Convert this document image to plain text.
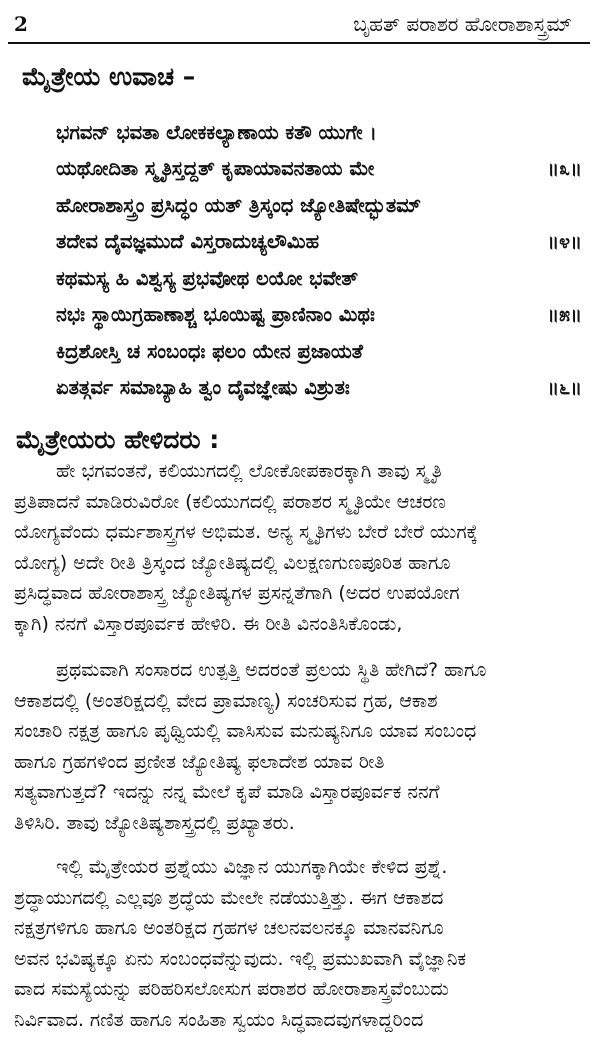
2	ಬೃಹತ್ ಪರಾಶರ ಹೋರಾಶಾಸ್ತ್ರಮ್
ಮೈತ್ರೇಯ ಉವಾಚ –
ಭಗವನ್ ಭವತಾ ಲೋಕಕಲ್ಯಾಣಾಯ ಕತೌ ಯುಗೇ ।
ಯಥೋದಿತಾ ಸ್ಮೃತಿಸ್ತದ್ದತ್ ಕೃಪಾಯಾವನತಾಯ ಮೇ	॥೩॥
ಹೋರಾಶಾಸ್ತ್ರಂ ಪ್ರಸಿದ್ಧಂ ಯತ್ ತ್ರಿಸ್ಕಂಧ ಜ್ಯೋತಿಷೇದ್ಭುತಮ್
ತದೇವ ದೈವಜ್ಞಮುದೆ ವಿಸ್ತರಾದುಚ್ಯಲೌಮಿಹ	॥೪॥
ಕಥಮಸ್ಯ ಹಿ ವಿಶ್ವಸ್ಯ ಪ್ರಭವೋಥ ಲಯೋ ಭವೇತ್
ನಭಃ ಸ್ಥಾಯಿಗ್ರಹಾಣಾಶ್ಚ ಭೂಯಿಷ್ಟ ಪ್ರಾಣಿನಾಂ ಮಿಥಃ	॥೫॥
ಕಿದ್ರಶೋಸ್ತಿ ಚ ಸಂಬಂಧಃ ಫಲಂ ಯೇನ ಪ್ರಜಾಯತೆ
ಏತತ್ಗರ್ವ ಸಮಾಬ್ಯಾಹಿ ತ್ವಂ ದೈವಜ್ಞೇಷು ವಿಶ್ರುತಃ	॥೬॥
ಮೈತ್ರೇಯರು ಹೇಳಿದರು :
ಹೇ ಭಗವಂತನೆ, ಕಲಿಯುಗದಲ್ಲಿ ಲೋಕೋಪಕಾರಕ್ಕಾಗಿ ತಾವು ಸ್ಮೃತಿ
ಪ್ರತಿಪಾದನೆ ಮಾಡಿರುವಿರೋ (ಕಲಿಯುಗದಲ್ಲಿ ಪರಾಶರ ಸ್ಮೃತಿಯೇ ಆಚರಣ
ಯೋಗ್ಯವೆಂದು ಧರ್ಮಶಾಸ್ತ್ರಗಳ ಅಭಿಮತ. ಅನ್ಯ ಸ್ಮೃತಿಗಳು ಬೇರೆ ಬೇರೆ ಯುಗಕ್ಕೆ
ಯೋಗ್ಯ) ಅದೇ ರೀತಿ ತ್ರಿಸ್ಕಂದ ಜ್ಯೋತಿಷ್ಯದಲ್ಲಿ ವಿಲಕ್ಷಣಗುಣಪೂರಿತ ಹಾಗೂ
ಪ್ರಸಿದ್ಧವಾದ ಹೋರಾಶಾಸ್ತ್ರ ಜ್ಯೋತಿಷ್ಯಗಳ ಪ್ರಸನ್ನತೆಗಾಗಿ (ಅದರ ಉಪಯೋಗ
ಕ್ಕಾಗಿ) ನನಗೆ ವಿಸ್ತಾರಪೂರ್ವಕ ಹೇಳಿರಿ. ಈ ರೀತಿ ವಿನಂತಿಸಿಕೊಂಡು,
ಪ್ರಥಮವಾಗಿ ಸಂಸಾರದ ಉತ್ಪತ್ತಿ ಅದರಂತೆ ಪ್ರಲಯ ಸ್ಥಿತಿ ಹೇಗಿದೆ? ಹಾಗೂ
ಆಕಾಶದಲ್ಲಿ (ಅಂತರಿಕ್ಷದಲ್ಲಿ ವೇದ ಪ್ರಾಮಾಣ್ಯ) ಸಂಚರಿಸುವ ಗ್ರಹ, ಆಕಾಶ
ಸಂಚಾರಿ ನಕ್ಷತ್ರ ಹಾಗೂ ಪೃಥ್ವಿಯಲ್ಲಿ ವಾಸಿಸುವ ಮನುಷ್ಯನಿಗೂ ಯಾವ ಸಂಬಂಧ
ಹಾಗೂ ಗ್ರಹಗಳಿಂದ ಪ್ರಣೀತ ಜ್ಯೋತಿಷ್ಯ ಫಲಾದೇಶ ಯಾವ ರೀತಿ
ಸತ್ಯವಾಗುತ್ತದೆ? ಇದನ್ನು ನನ್ನ ಮೇಲೆ ಕೃಪೆ ಮಾಡಿ ವಿಸ್ತಾರಪೂರ್ವಕ ನನಗೆ
ತಿಳಿಸಿರಿ. ತಾವು ಜ್ಯೋತಿಷ್ಯಶಾಸ್ತ್ರದಲ್ಲಿ ಪ್ರಖ್ಯಾತರು.
ಇಲ್ಲಿ ಮೈತ್ರೇಯರ ಪ್ರಶ್ನೆಯು ವಿಜ್ಞಾನ ಯುಗಕ್ಕಾಗಿಯೇ ಕೇಳಿದ ಪ್ರಶ್ನೆ.
ಶ್ರದ್ಧಾಯುಗದಲ್ಲಿ ಎಲ್ಲವೂ ಶ್ರದ್ಧೆಯ ಮೇಲೇ ನಡೆಯುತ್ತಿತ್ತು. ಈಗ ಆಕಾಶದ
ನಕ್ಷತ್ರಗಳಿಗೂ ಹಾಗೂ ಅಂತರಿಕ್ಷದ ಗ್ರಹಗಳ ಚಲನವಲನಕ್ಕೂ ಮಾನವನಿಗೂ
ಅವನ ಭವಿಷ್ಯಕ್ಕೂ ಏನು ಸಂಬಂಧವೆನ್ನುವುದು. ಇಲ್ಲಿ ಪ್ರಮುಖವಾಗಿ ವೈಜ್ಞಾನಿಕ
ವಾದ ಸಮಸ್ಯೆಯನ್ನು ಪರಿಹರಿಸಲೋಸುಗ ಪರಾಶರ ಹೋರಾಶಾಸ್ತ್ರವೆಂಬುದು
ನಿರ್ವಿವಾದ. ಗಣಿತ ಹಾಗೂ ಸಂಹಿತಾ ಸ್ವಯಂ ಸಿದ್ಧವಾದವುಗಳಾದ್ದರಿಂದ
